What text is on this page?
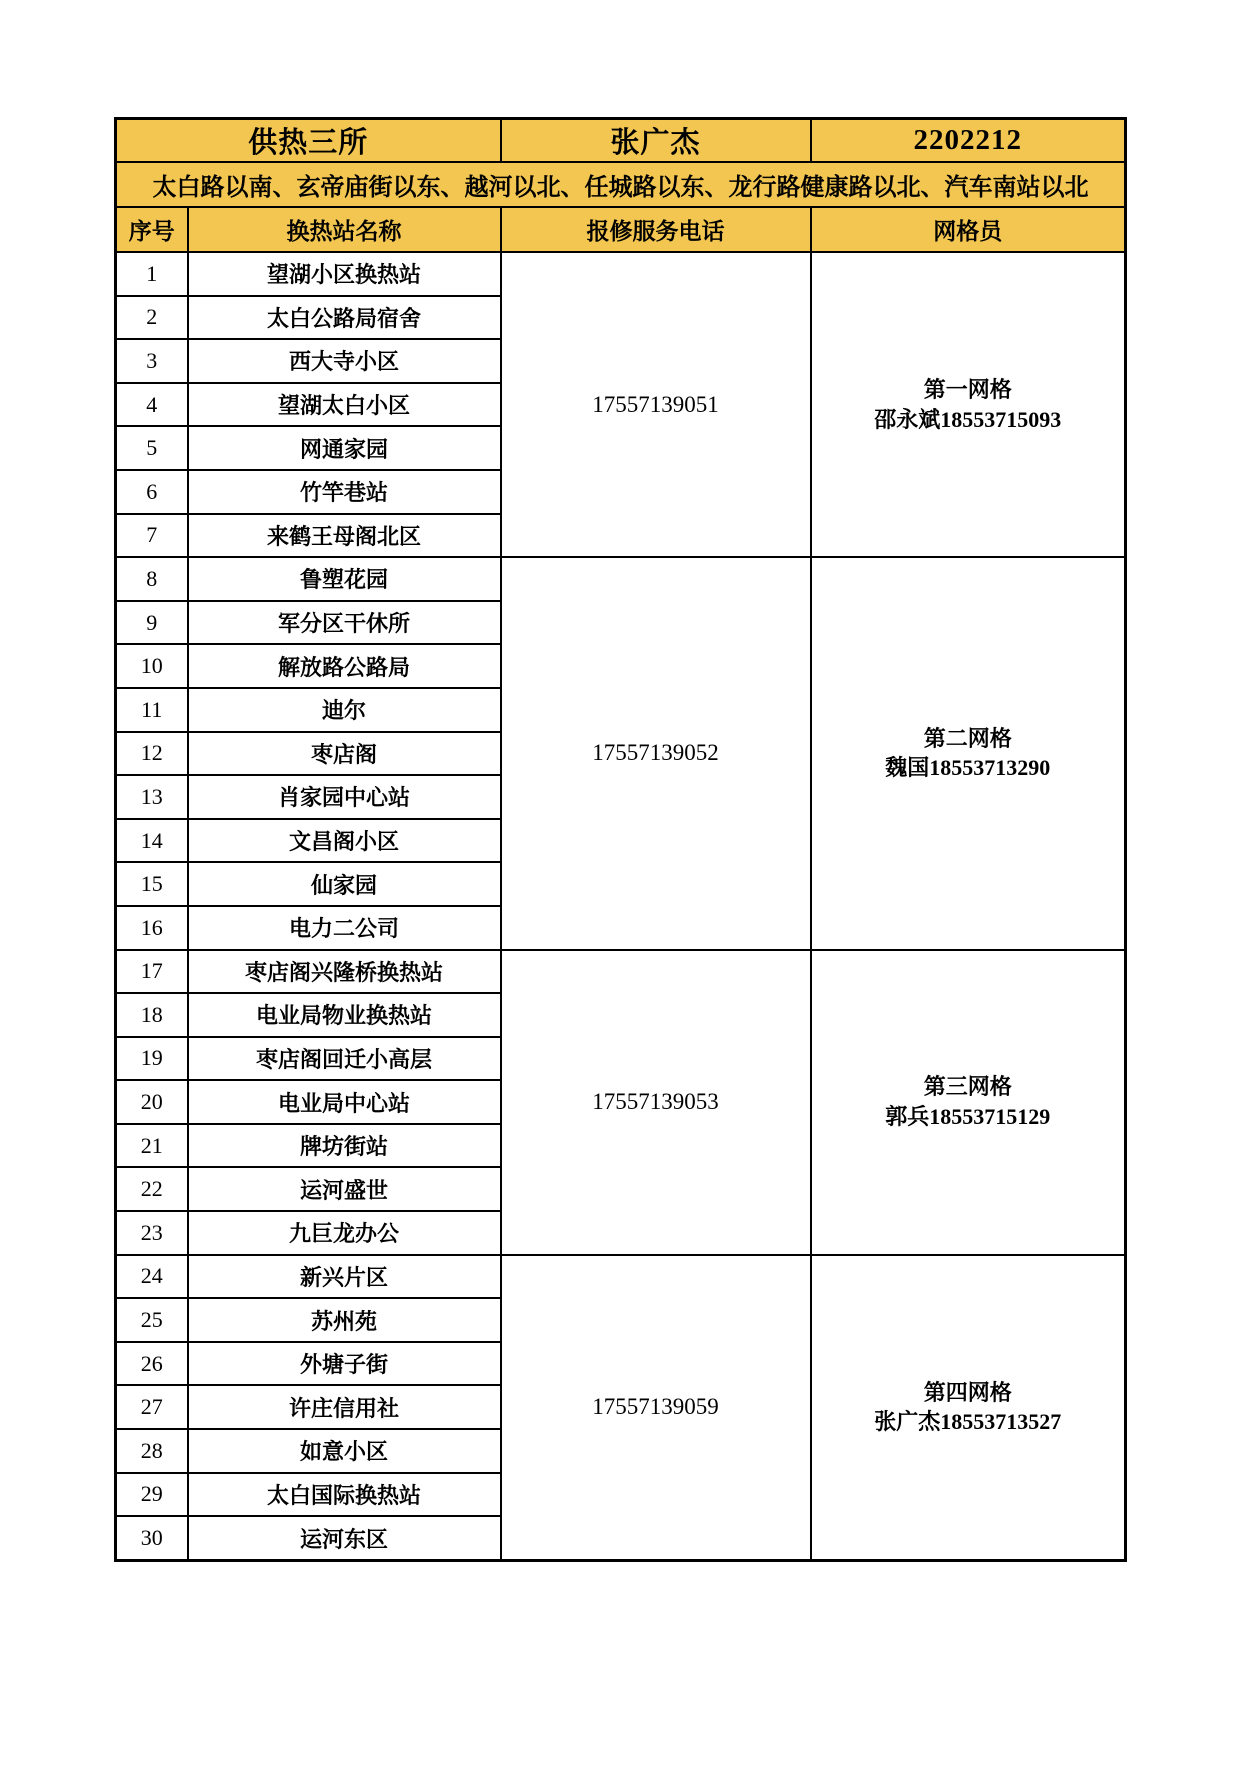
供热三所		张广杰	2202212
太白路以南、玄帝庙街以东、越河以北、任城路以东、龙行路健康路以北、汽车南站以北			
序号	换热站名称	报修服务电话	网格员
1	望湖小区换热站	17557139051	第一网格
邵永斌18553715093

2	太白公路局宿舍		
3	西大寺小区		
4	望湖太白小区		
5	网通家园		
6	竹竿巷站		
7	来鹤王母阁北区		
8	鲁塑花园	17557139052	第二网格
魏国18553713290

9	军分区干休所		
10	解放路公路局		
11	迪尔		
12	枣店阁		
13	肖家园中心站		
14	文昌阁小区		
15	仙家园		
16	电力二公司		
17	枣店阁兴隆桥换热站	17557139053	第三网格
郭兵18553715129

18	电业局物业换热站		
19	枣店阁回迁小高层		
20	电业局中心站		
21	牌坊街站		
22	运河盛世		
23	九巨龙办公		
24	新兴片区	17557139059	第四网格
张广杰18553713527

25	苏州苑		
26	外塘子街		
27	许庄信用社		
28	如意小区		
29	太白国际换热站		
30	运河东区		
